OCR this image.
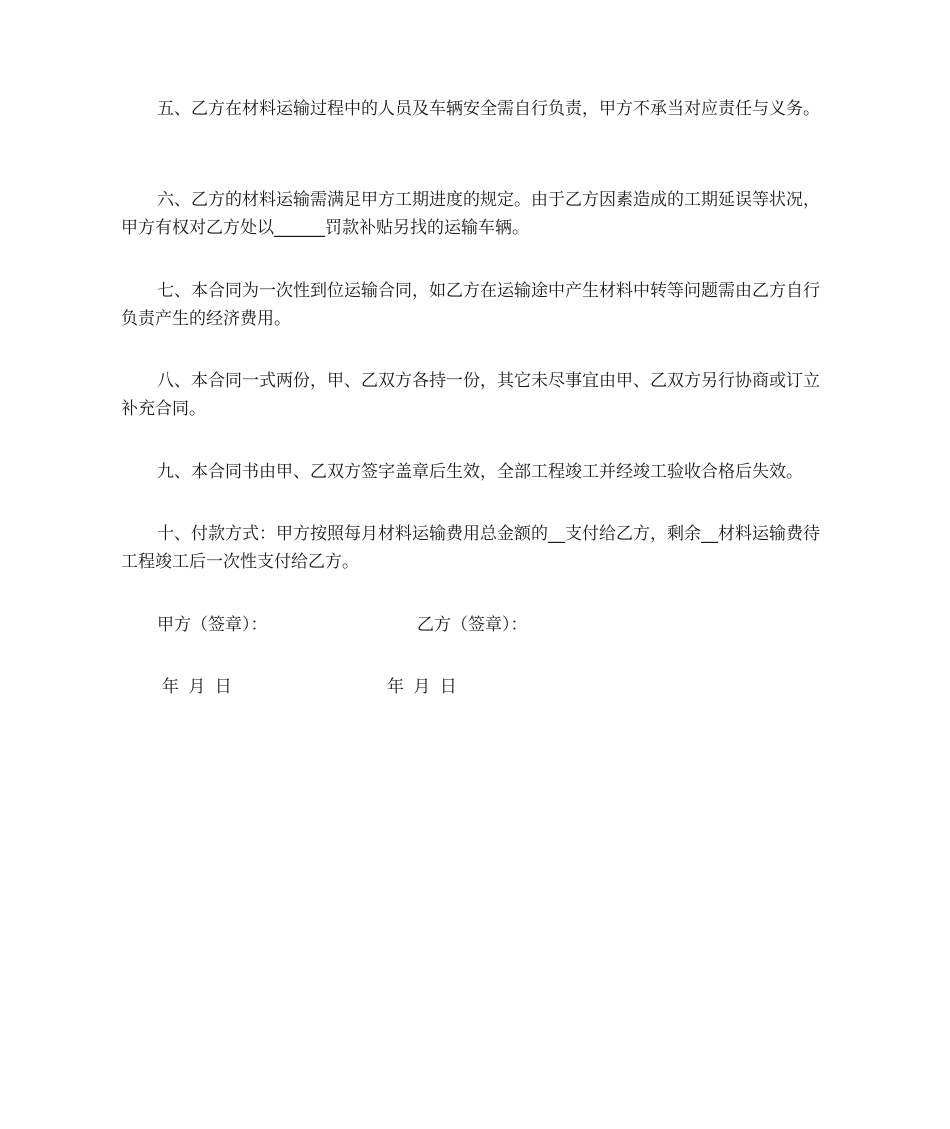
五、乙方在材料运输过程中的人员及车辆安全需自行负责，甲方不承当对应责任与义务。

六、乙方的材料运输需满足甲方工期进度的规定。由于乙方因素造成的工期延误等状况，甲方有权对乙方处以______罚款补贴另找的运输车辆。

七、本合同为一次性到位运输合同，如乙方在运输途中产生材料中转等问题需由乙方自行负责产生的经济费用。

八、本合同一式两份，甲、乙双方各持一份，其它未尽事宜由甲、乙双方另行协商或订立补充合同。

九、本合同书由甲、乙双方签字盖章后生效，全部工程竣工并经竣工验收合格后失效。

十、付款方式：甲方按照每月材料运输费用总金额的__支付给乙方，剩余__材料运输费待工程竣工后一次性支付给乙方。

甲方（签章）：	乙方（签章）：
年 月 日	年 月 日
